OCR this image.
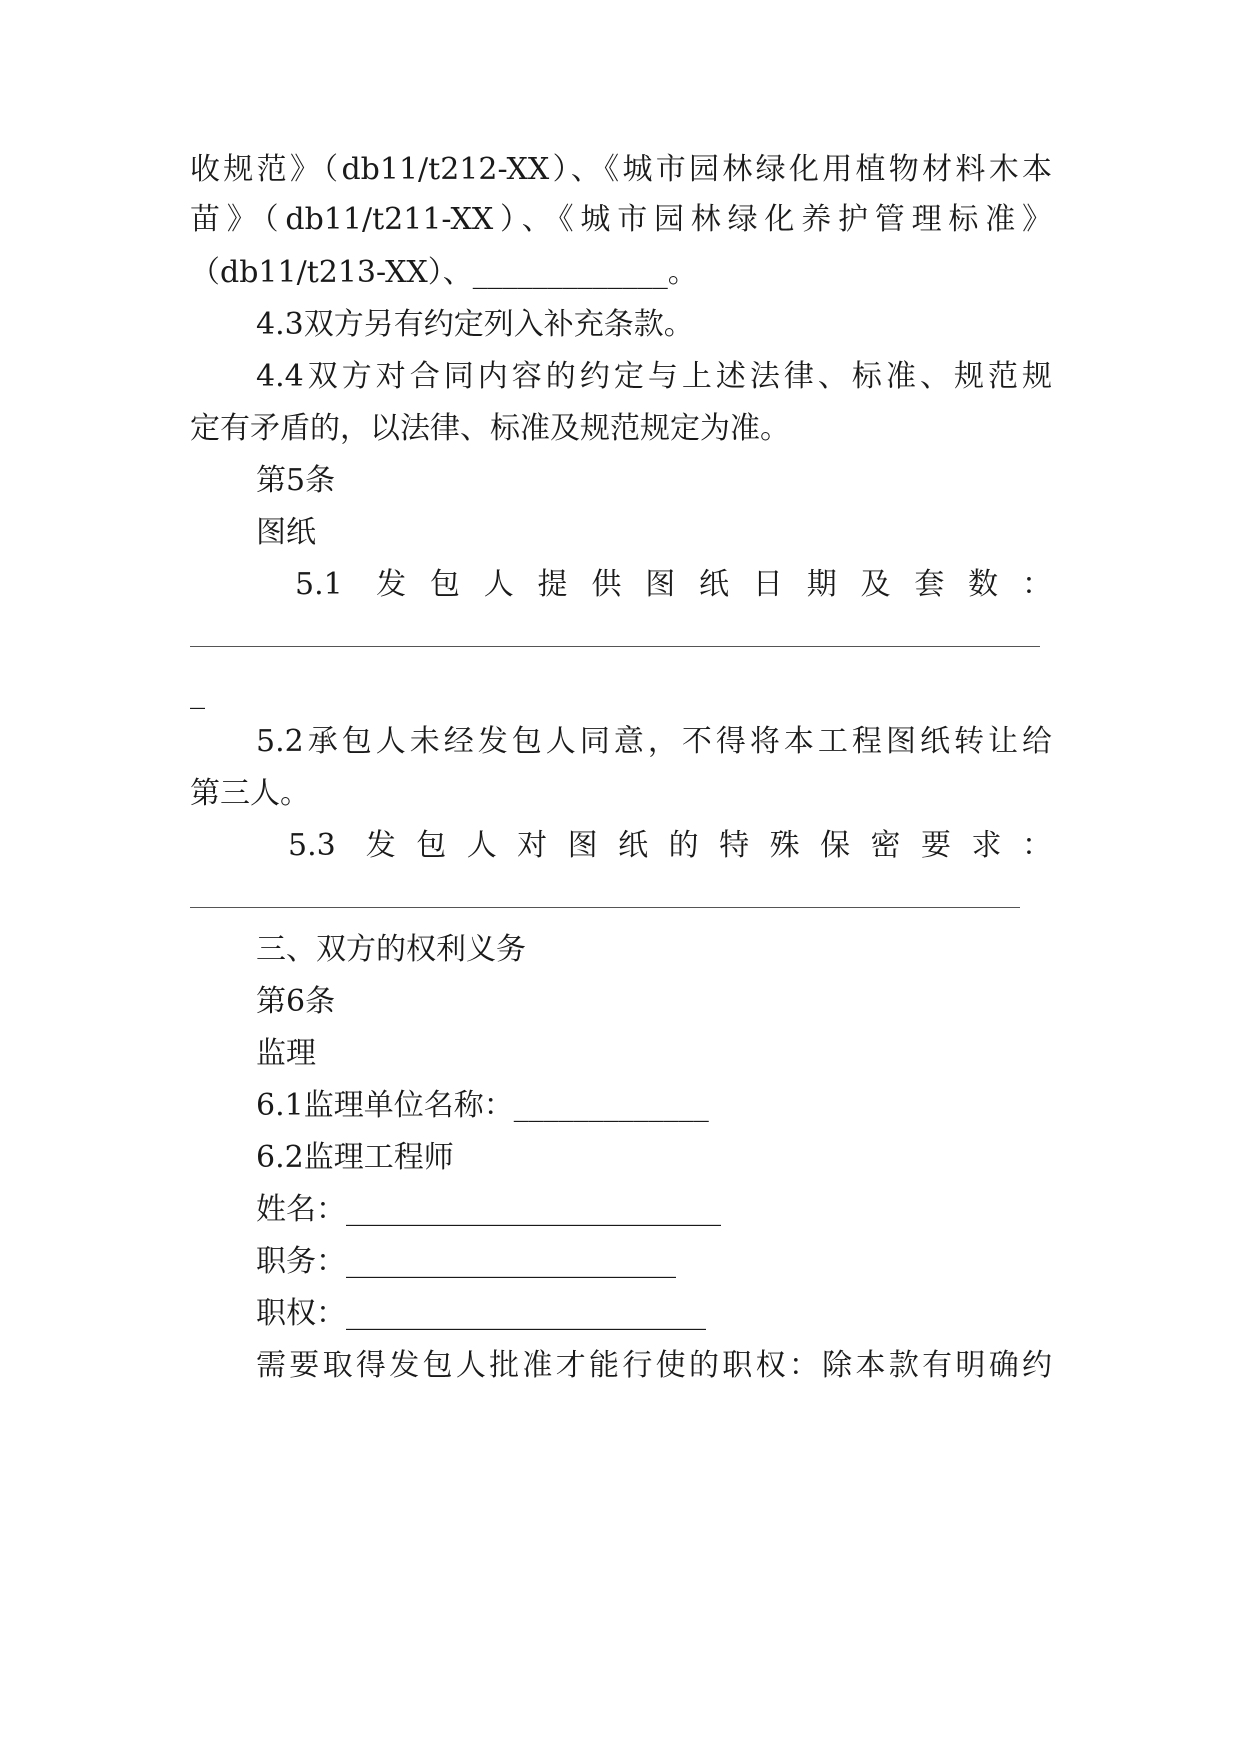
收规范》（db11/t212-XX）、《城市园林绿化用植物材料木本
苗》（db11/t211-XX）、《城市园林绿化养护管理标准》
（db11/t213-XX）、_____________。
4.3双方另有约定列入补充条款。
4.4双方对合同内容的约定与上述法律、标准、规范规
定有矛盾的，以法律、标准及规范规定为准。
第5条
图纸
5.1 发包人提供图纸日期及套数：
_
5.2承包人未经发包人同意，不得将本工程图纸转让给
第三人。
5.3 发包人对图纸的特殊保密要求：
三、双方的权利义务
第6条
监理
6.1监理单位名称：_____________
6.2监理工程师
姓名：_________________________
职务：______________________
职权：________________________
需要取得发包人批准才能行使的职权：除本款有明确约
